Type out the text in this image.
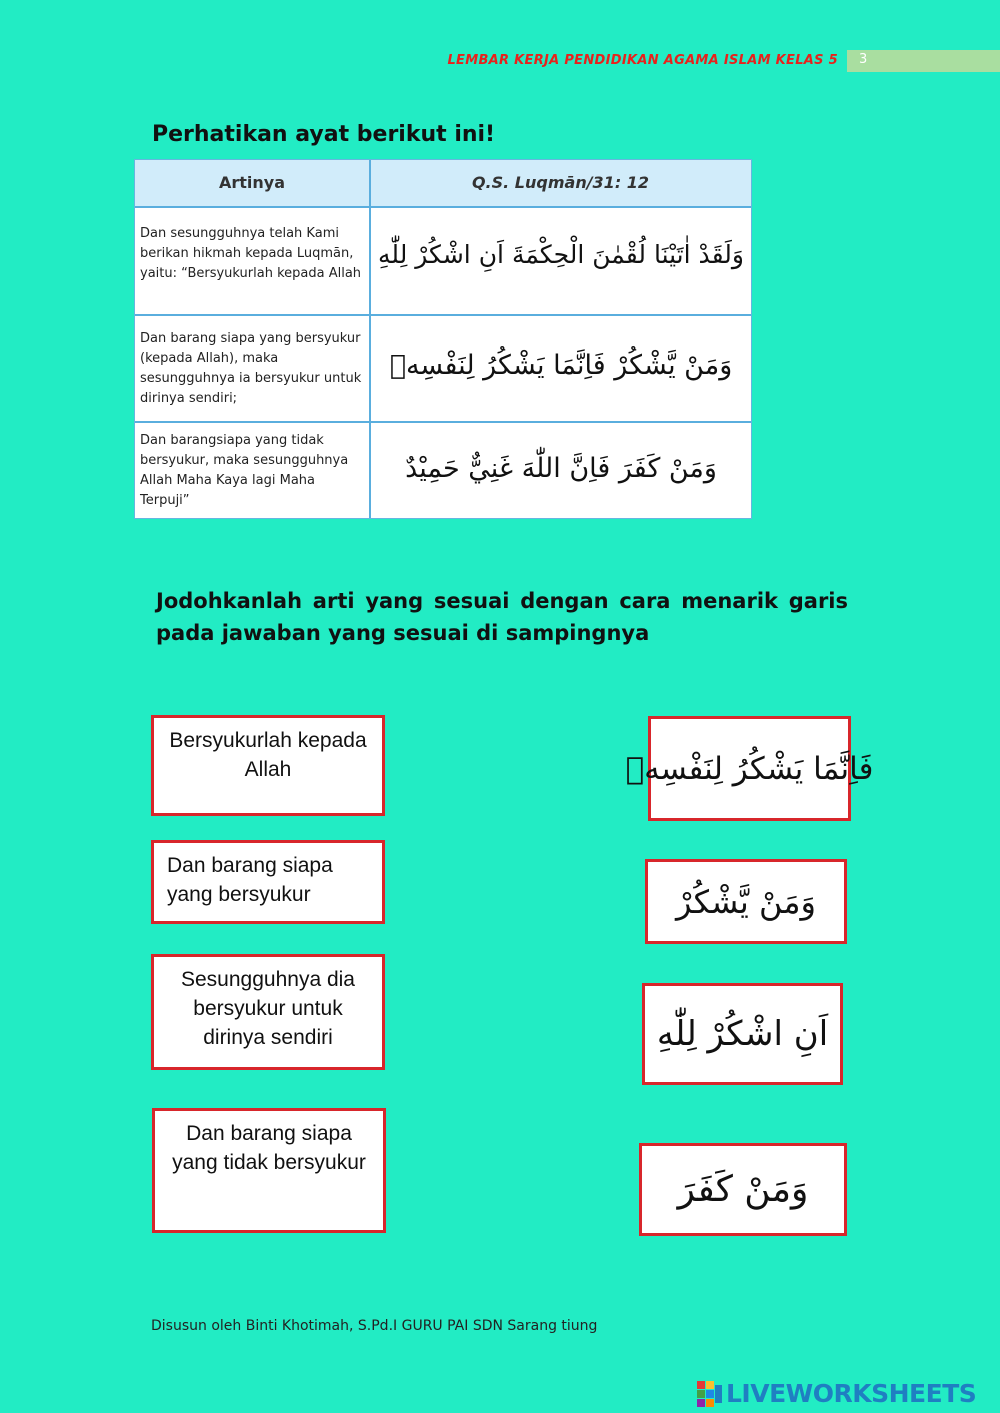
LEMBAR KERJA PENDIDIKAN AGAMA ISLAM KELAS 5 3
Perhatikan ayat berikut ini!
Artinya	Q.S. Luqmān/31: 12
Dan sesungguhnya telah Kami berikan hikmah kepada Luqmān, yaitu: “Bersyukurlah kepada Allah
وَلَقَدْ اٰتَيْنَا لُقْمٰنَ الْحِكْمَةَ اَنِ اشْكُرْ لِلّٰهِ
Dan barang siapa yang bersyukur (kepada Allah), maka sesungguhnya ia bersyukur untuk dirinya sendiri;
وَمَنْ يَّشْكُرْ فَاِنَّمَا يَشْكُرُ لِنَفْسِهٖ
Dan barangsiapa yang tidak bersyukur, maka sesungguhnya Allah Maha Kaya lagi Maha Terpuji”
وَمَنْ كَفَرَ فَاِنَّ اللّٰهَ غَنِيٌّ حَمِيْدٌ
Jodohkanlah arti yang sesuai dengan cara menarik garis pada jawaban yang sesuai di sampingnya
Bersyukurlah kepada Allah
Dan barang siapa yang bersyukur
Sesungguhnya dia bersyukur untuk dirinya sendiri
Dan barang siapa yang tidak bersyukur
فَاِنَّمَا يَشْكُرُ لِنَفْسِهٖ
وَمَنْ يَّشْكُرْ
اَنِ اشْكُرْ لِلّٰهِ
وَمَنْ كَفَرَ
Disusun oleh Binti Khotimah, S.Pd.I GURU PAI SDN Sarang tiung
LIVEWORKSHEETS
